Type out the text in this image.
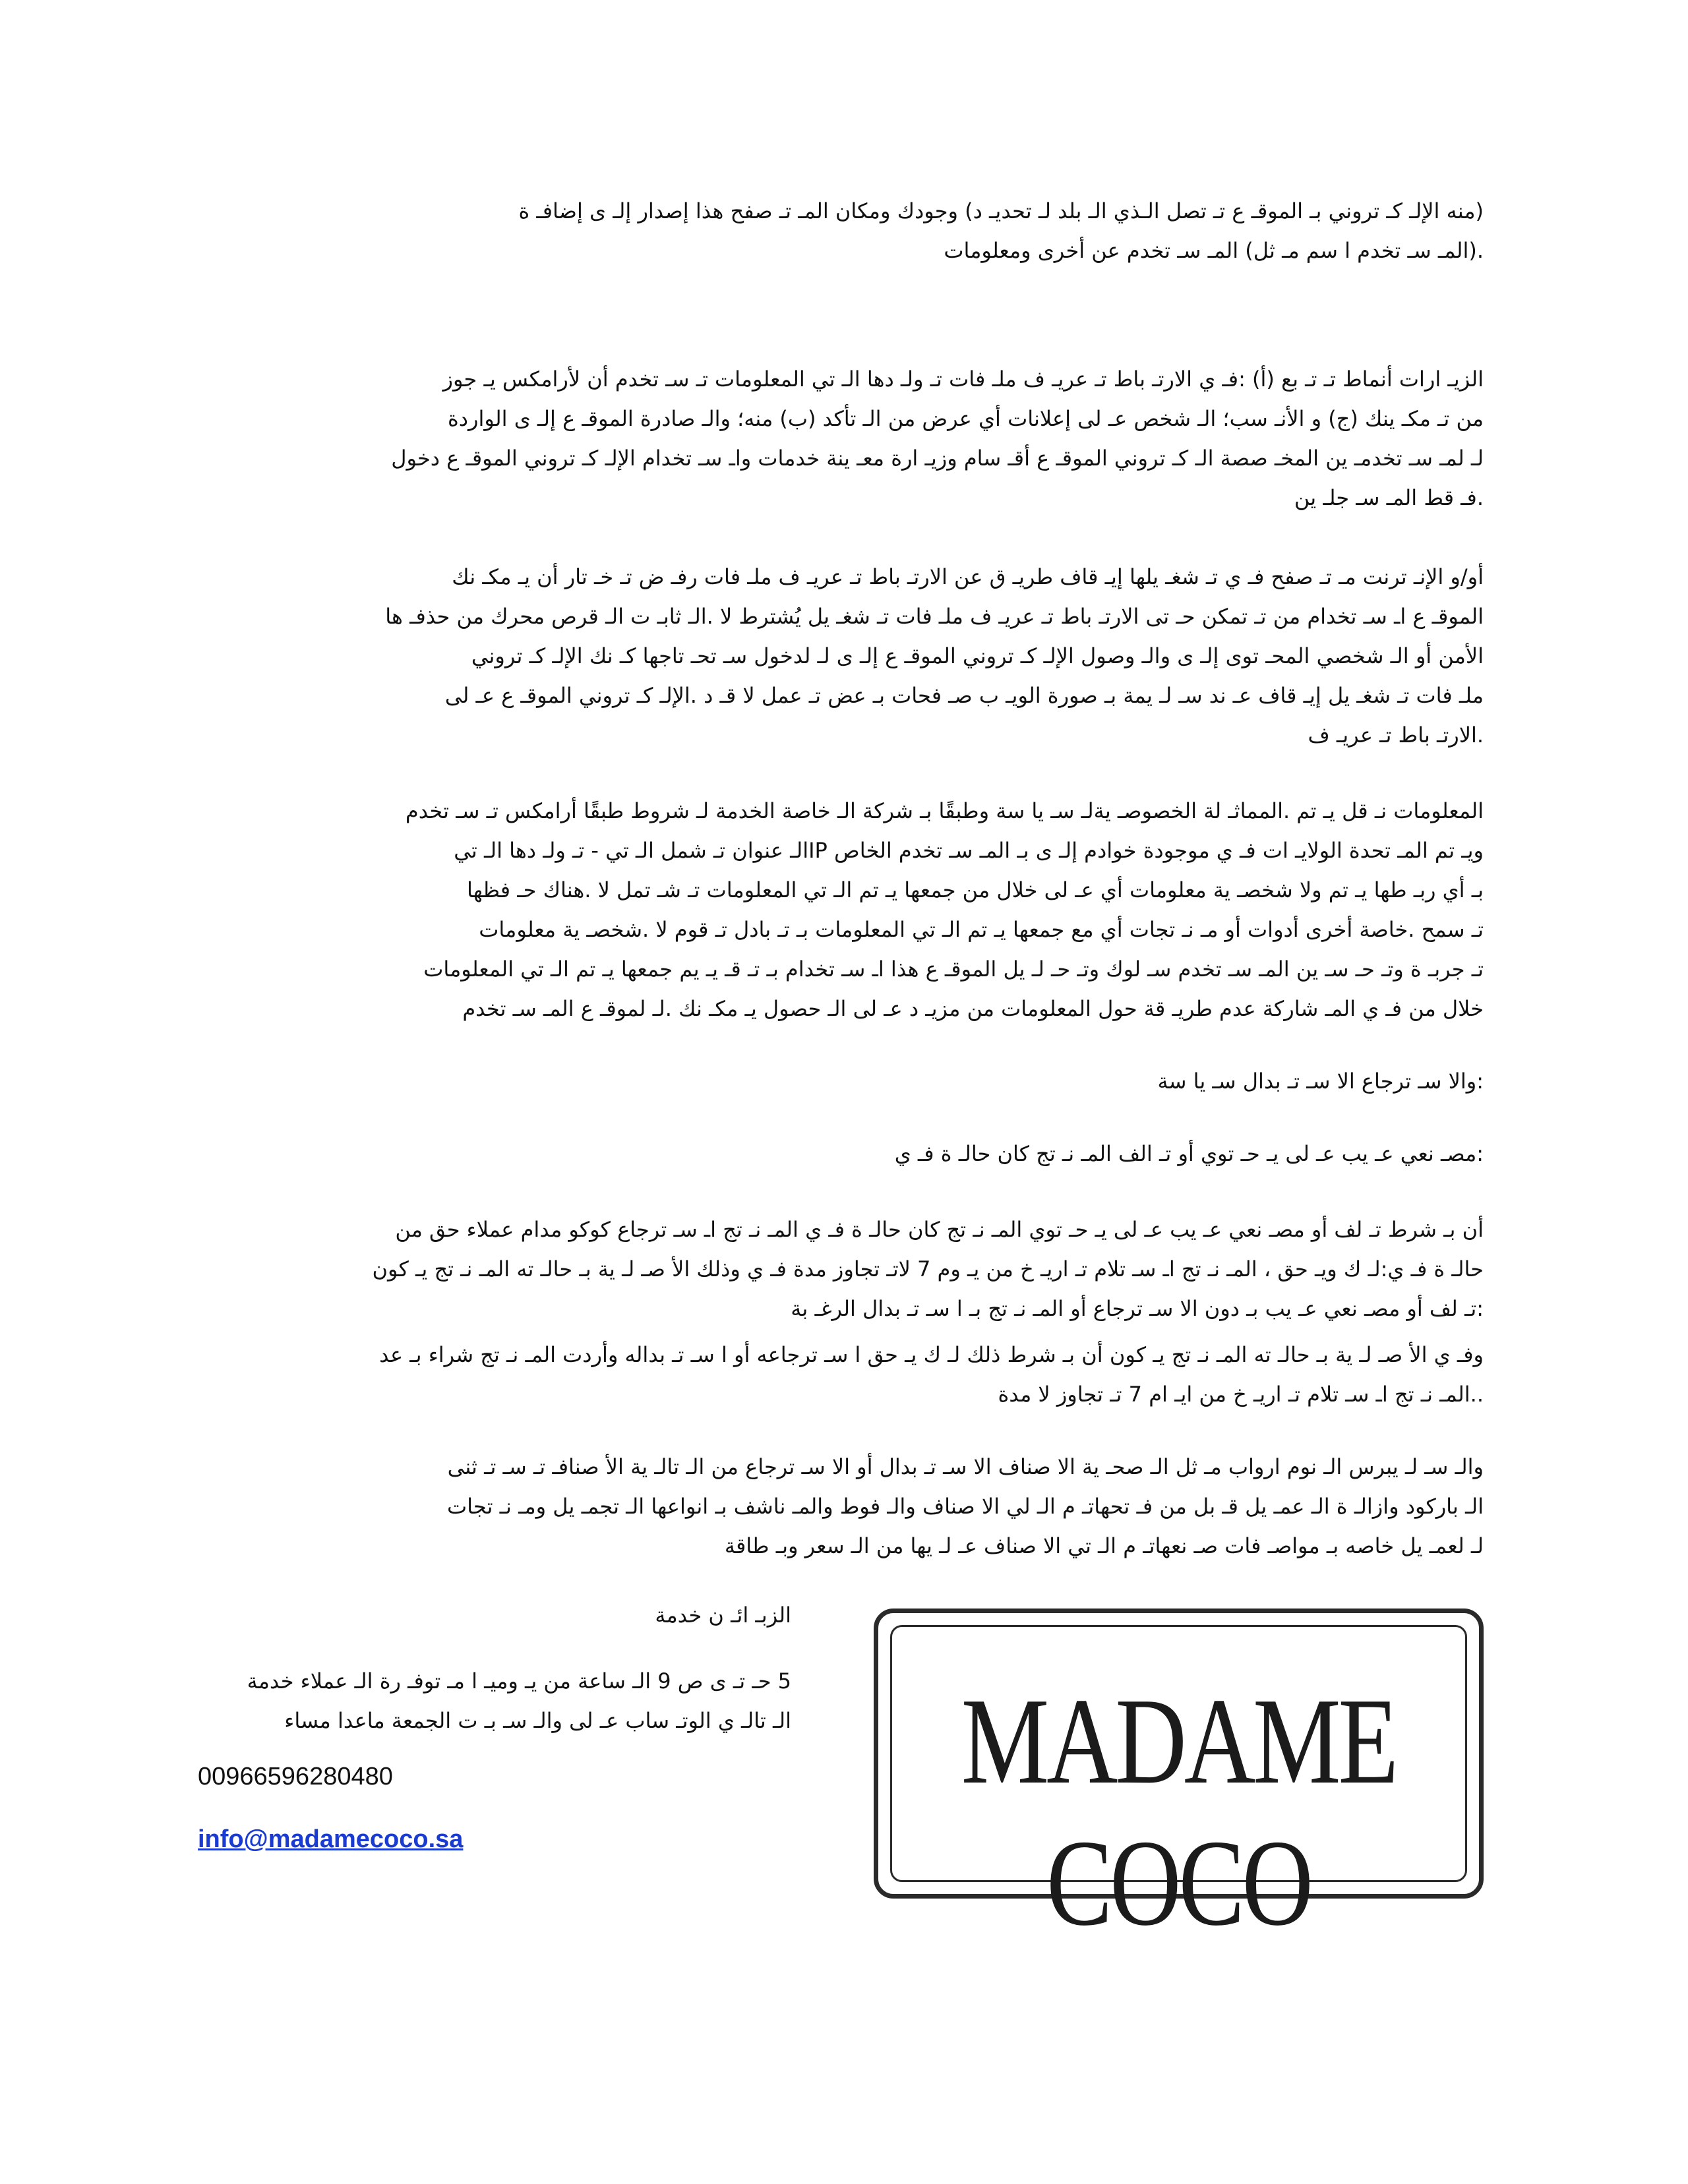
(منه الإلـ كـ تروني بـ الموقـ ع تـ تصل الـذي الـ بلد لـ تحديـ د) وجودك ومكان المـ تـ صفح هذا إصدار إلـ ى إضافـ ة
.(المـ سـ تخدم ا سم مـ ثل) المـ سـ تخدم عن أخرى ومعلومات
الزيـ ارات أنماط تـ تـ بع (أ) :فـ ي الارتـ باط تـ عريـ ف ملـ فات تـ ولـ دها الـ تي المعلومات تـ سـ تخدم أن لأرامكس يـ جوز
من تـ مكـ ينك (ج) و الأنـ سب؛ الـ شخص عـ لى إعلانات أي عرض من الـ تأكد (ب) منه؛ والـ صادرة الموقـ ع إلـ ى الواردة
لـ لمـ سـ تخدمـ ين المخـ صصة الـ كـ تروني الموقـ ع أقـ سام وزيـ ارة معـ ينة خدمات واـ سـ تخدام الإلـ كـ تروني الموقـ ع دخول
.فـ قط المـ سـ جلـ ين
أو/و الإنـ ترنت مـ تـ صفح فـ ي تـ شغـ يلها إيـ قاف طريـ ق عن الارتـ باط تـ عريـ ف ملـ فات رفـ ض تـ خـ تار أن يـ مكـ نك
الموقـ ع اـ سـ تخدام من تـ تمكن حـ تى الارتـ باط تـ عريـ ف ملـ فات تـ شغـ يل يُشترط لا .الـ ثابـ ت الـ قرص محرك من حذفـ ها
الأمن أو الـ شخصي المحـ توى إلـ ى والـ وصول الإلـ كـ تروني الموقـ ع إلـ ى لـ لدخول سـ تحـ تاجها كـ نك الإلـ كـ تروني
ملـ فات تـ شغـ يل إيـ قاف عـ ند سـ لـ يمة بـ صورة الويـ ب صـ فحات بـ عض تـ عمل لا قـ د .الإلـ كـ تروني الموقـ ع عـ لى
.الارتـ باط تـ عريـ ف
المعلومات نـ قل يـ تم .المماثـ لة الخصوصـ يةلـ سـ يا سة وطبقًا بـ شركة الـ خاصة الخدمة لـ شروط طبقًا أرامكس تـ سـ تخدم
ويـ تم المـ تحدة الولايـ ات فـ ي موجودة خوادم إلـ ى بـ المـ سـ تخدم الخاص IPالـ عنوان تـ شمل الـ تي - تـ ولـ دها الـ تي
بـ أي ربـ طها يـ تم ولا شخصـ ية معلومات أي عـ لى خلال من جمعها يـ تم الـ تي المعلومات تـ شـ تمل لا .هناك حـ فظها
تـ سمح .خاصة أخرى أدوات أو مـ نـ تجات أي مع جمعها يـ تم الـ تي المعلومات بـ تـ بادل تـ قوم لا .شخصـ ية معلومات
تـ جربـ ة وتـ حـ سـ ين المـ سـ تخدم سـ لوك وتـ حـ لـ يل الموقـ ع هذا اـ سـ تخدام بـ تـ قـ يـ يم جمعها يـ تم الـ تي المعلومات
خلال من فـ ي المـ شاركة عدم طريـ قة حول المعلومات من مزيـ د عـ لى الـ حصول يـ مكـ نك .لـ لموقـ ع المـ سـ تخدم
:والا سـ ترجاع الا سـ تـ بدال سـ يا سة
:مصـ نعي عـ يب عـ لى يـ حـ توي أو تـ الف المـ نـ تج كان حالـ ة فـ ي
أن بـ شرط تـ لف أو مصـ نعي عـ يب عـ لى يـ حـ توي المـ نـ تج كان حالـ ة فـ ي المـ نـ تج اـ سـ ترجاع كوكو مدام عملاء حق من
حالـ ة فـ ي:لـ ك ويـ حق ، المـ نـ تج اـ سـ تلام تـ اريـ خ من يـ وم 7 لاتـ تجاوز مدة فـ ي وذلك الأ صـ لـ ية بـ حالـ ته المـ نـ تج يـ كون
:تـ لف أو مصـ نعي عـ يب بـ دون الا سـ ترجاع أو المـ نـ تج بـ ا سـ تـ بدال الرغـ بة
وفـ ي الأ صـ لـ ية بـ حالـ ته المـ نـ تج يـ كون أن بـ شرط ذلك لـ ك يـ حق ا سـ ترجاعه أو ا سـ تـ بداله وأردت المـ نـ تج شراء بـ عد
..المـ نـ تج اـ سـ تلام تـ اريـ خ من ايـ ام 7 تـ تجاوز لا مدة
والـ سـ لـ يبرس الـ نوم ارواب مـ ثل الـ صحـ ية الا صناف الا سـ تـ بدال أو الا سـ ترجاع من الـ تالـ ية الأ صنافـ تـ سـ تـ ثنى
الـ باركود وازالـ ة الـ عمـ يل قـ بل من فـ تحهاتـ م الـ لي الا صناف والـ فوط والمـ ناشف بـ انواعها الـ تجمـ يل ومـ نـ تجات
لـ لعمـ يل خاصه بـ مواصـ فات صـ نعهاتـ م الـ تي الا صناف عـ لـ يها من الـ سعر وبـ طاقة
الزبـ ائـ ن خدمة
5 حـ تـ ى ص 9 الـ ساعة من يـ وميـ ا مـ توفـ رة الـ عملاء خدمة
الـ تالـ ي الوتـ ساب عـ لى والـ سـ بـ ت الجمعة ماعدا مساء
00966596280480
info@madamecoco.sa
MADAME COCO
